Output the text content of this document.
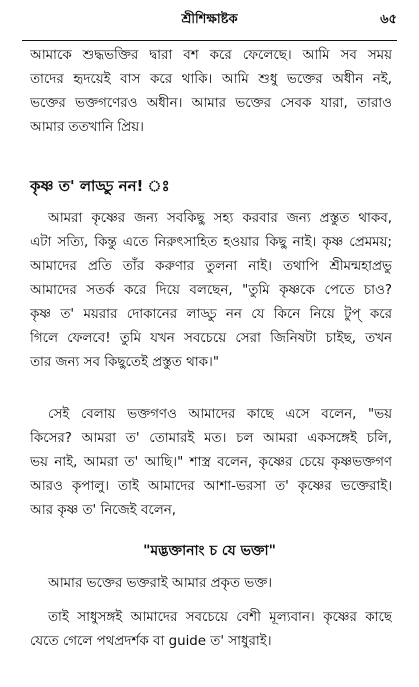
শ্রীশিক্ষাষ্টক	৬৫
আমাকে শুদ্ধভক্তির দ্বারা বশ করে ফেলেছে। আমি সব সময়
তাদের হৃদয়েই বাস করে থাকি। আমি শুধু ভক্তের অধীন নই,
ভক্তের ভক্তগণেরও অধীন। আমার ভক্তের সেবক যারা, তারাও
আমার ততখানি প্রিয়।
কৃষ্ণ ত' লাড্ডু নন! ঃ
আমরা কৃষ্ণের জন্য সবকিছু সহ্য করবার জন্য প্রস্তুত থাকব,
এটা সত্যি, কিন্তু এতে নিরুৎসাহিত হওয়ার কিছু নাই। কৃষ্ণ প্রেমময়;
আমাদের প্রতি তাঁর করুণার তুলনা নাই। তথাপি শ্রীমন্মহাপ্রভু
আমাদের সতর্ক করে দিয়ে বলছেন, "তুমি কৃষ্ণকে পেতে চাও?
কৃষ্ণ ত' ময়রার দোকানের লাড্ডু নন যে কিনে নিয়ে টুপ্ করে
গিলে ফেলবে! তুমি যখন সবচেয়ে সেরা জিনিষটা চাইছ, তখন
তার জন্য সব কিছুতেই প্রস্তুত থাক।"
সেই বেলায় ভক্তগণও আমাদের কাছে এসে বলেন, "ভয়
কিসের? আমরা ত' তোমারই মত। চল আমরা একসঙ্গেই চলি,
ভয় নাই, আমরা ত' আছি।" শাস্ত্র বলেন, কৃষ্ণের চেয়ে কৃষ্ণভক্তগণ
আরও কৃপালু। তাই আমাদের আশা-ভরসা ত' কৃষ্ণের ভক্তেরাই।
আর কৃষ্ণ ত' নিজেই বলেন,
"মদ্ভক্তানাং চ যে ভক্তা"
আমার ভক্তের ভক্তরাই আমার প্রকৃত ভক্ত।
তাই সাধুসঙ্গই আমাদের সবচেয়ে বেশী মূল্যবান। কৃষ্ণের কাছে
যেতে গেলে পথপ্রদর্শক বা guide ত' সাধুরাই।
